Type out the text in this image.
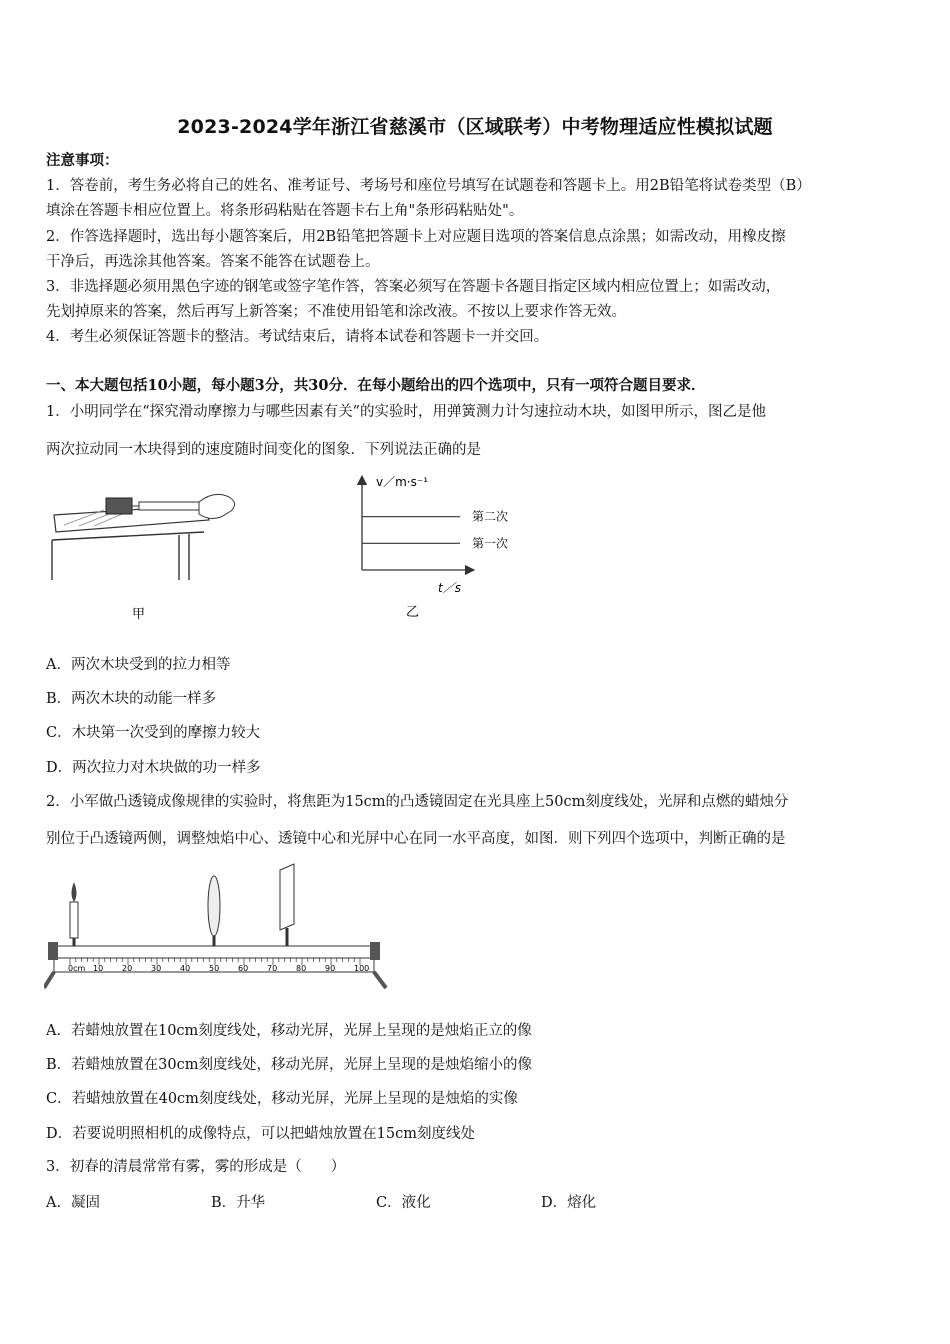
2023-2024学年浙江省慈溪市（区域联考）中考物理适应性模拟试题
注意事项：
1．答卷前，考生务必将自己的姓名、准考证号、考场号和座位号填写在试题卷和答题卡上。用2B铅笔将试卷类型（B）
填涂在答题卡相应位置上。将条形码粘贴在答题卡右上角"条形码粘贴处"。
2．作答选择题时，选出每小题答案后，用2B铅笔把答题卡上对应题目选项的答案信息点涂黑；如需改动，用橡皮擦
干净后，再选涂其他答案。答案不能答在试题卷上。
3．非选择题必须用黑色字迹的钢笔或签字笔作答，答案必须写在答题卡各题目指定区域内相应位置上；如需改动，
先划掉原来的答案，然后再写上新答案；不准使用铅笔和涂改液。不按以上要求作答无效。
4．考生必须保证答题卡的整洁。考试结束后，请将本试卷和答题卡一并交回。
一、本大题包括10小题，每小题3分，共30分．在每小题给出的四个选项中，只有一项符合题目要求．
1．小明同学在“探究滑动摩擦力与哪些因素有关”的实验时，用弹簧测力计匀速拉动木块，如图甲所示，图乙是他
两次拉动同一木块得到的速度随时间变化的图象．下列说法正确的是
甲
v／m·s⁻¹
t／s
第二次
第一次
乙
A．两次木块受到的拉力相等
B．两次木块的动能一样多
C．木块第一次受到的摩擦力较大
D．两次拉力对木块做的功一样多
2．小军做凸透镜成像规律的实验时，将焦距为15cm的凸透镜固定在光具座上50cm刻度线处，光屏和点燃的蜡烛分
别位于凸透镜两侧，调整烛焰中心、透镜中心和光屏中心在同一水平高度，如图．则下列四个选项中，判断正确的是
0cm 10 20 30 40 50 60 70 80 90 100
A．若蜡烛放置在10cm刻度线处，移动光屏，光屏上呈现的是烛焰正立的像
B．若蜡烛放置在30cm刻度线处，移动光屏，光屏上呈现的是烛焰缩小的像
C．若蜡烛放置在40cm刻度线处，移动光屏，光屏上呈现的是烛焰的实像
D．若要说明照相机的成像特点，可以把蜡烛放置在15cm刻度线处
3．初春的清晨常常有雾，雾的形成是（　　）
A．凝固	B．升华	C．液化	D．熔化
